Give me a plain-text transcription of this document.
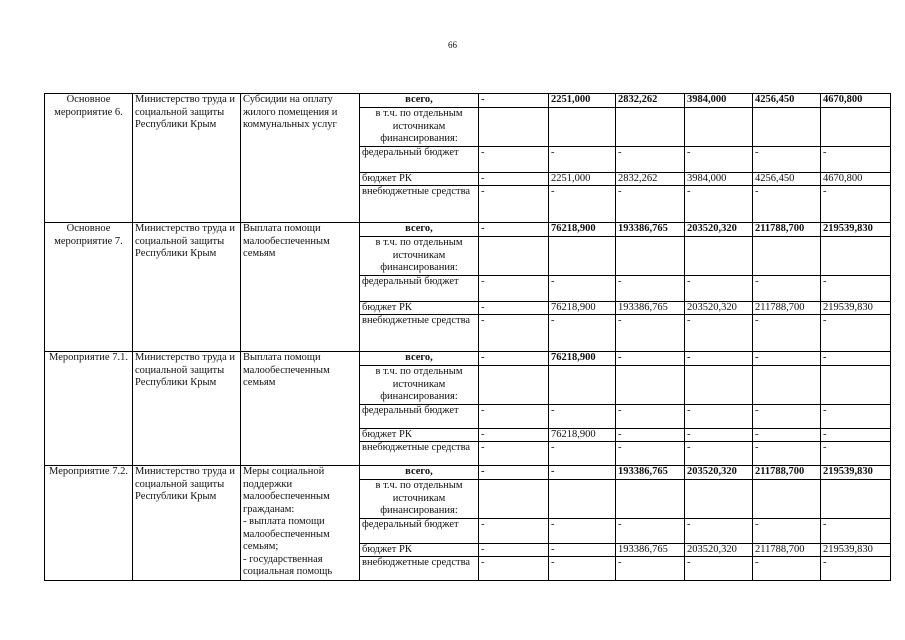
66
Основное мероприятие 6.	Министерство труда и социальной защиты Республики Крым	Субсидии на оплату жилого помещения и коммунальных услуг	всего,	-	2251,000	2832,262	3984,000	4256,450	4670,800
			в т.ч. по отдельным источникам финансирования:						
			федеральный бюджет	-	-	-	-	-	-
			бюджет РК	-	2251,000	2832,262	3984,000	4256,450	4670,800
			внебюджетные средства	-	-	-	-	-	-
Основное мероприятие 7.	Министерство труда и социальной защиты Республики Крым	Выплата помощи малообеспеченным семьям	всего,	-	76218,900	193386,765	203520,320	211788,700	219539,830
			в т.ч. по отдельным источникам финансирования:						
			федеральный бюджет	-	-	-	-	-	-
			бюджет РК	-	76218,900	193386,765	203520,320	211788,700	219539,830
			внебюджетные средства	-	-	-	-	-	-
Мероприятие 7.1.	Министерство труда и социальной защиты Республики Крым	Выплата помощи малообеспеченным семьям	всего,	-	76218,900	-	-	-	-
			в т.ч. по отдельным источникам финансирования:						
			федеральный бюджет	-	-	-	-	-	-
			бюджет РК	-	76218,900	-	-	-	-
			внебюджетные средства	-	-	-	-	-	-
Мероприятие 7.2.	Министерство труда и социальной защиты Республики Крым	Меры социальной поддержки малообеспеченным гражданам:
- выплата помощи малообеспеченным семьям;
- государственная социальная помощь	всего,	-	-	193386,765	203520,320	211788,700	219539,830
			в т.ч. по отдельным источникам финансирования:						
			федеральный бюджет	-	-	-	-	-	-
			бюджет РК	-	-	193386,765	203520,320	211788,700	219539,830
			внебюджетные средства	-	-	-	-	-	-
